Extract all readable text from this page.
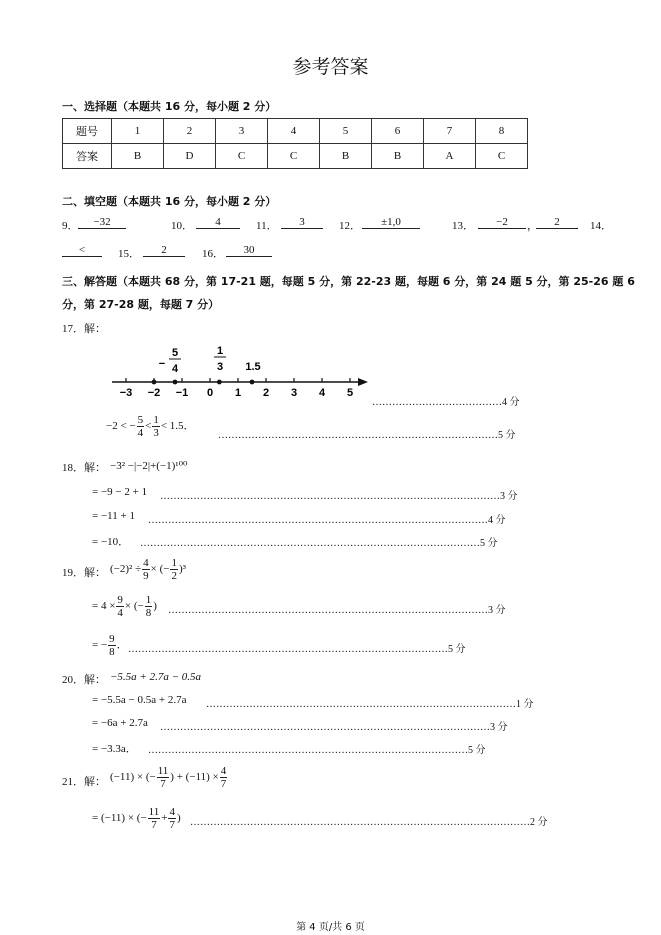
参考答案
一、选择题（本题共 16 分，每小题 2 分）
题号	1	2	3	4	5	6	7	8
答案	B	D	C	C	B	B	A	C
二、填空题（本题共 16 分，每小题 2 分）
9．	−32	10．	4	11．	3	12．	±1,0	13．	−2	，	2	14．
<	15．	2	16．	30
三、解答题（本题共 68 分，第 17-21 题，每题 5 分，第 22-23 题，每题 6 分，第 24 题 5 分，第 25-26 题 6
分，第 27-28 题，每题 7 分）
17．解：
−3 −2 −1 0 1 2 3 4 5
−
5
4
1
3 1.5
…………………………………4 分
−2 < − $\frac{5}{4} < \frac{1}{3} < 1.5$．
…………………………………………………………………………5 分
18．解： −3² −|−2|+(−1)¹⁰⁰
= −9 − 2 + 1 …………………………………………………………………………………………3 分
= −11 + 1 …………………………………………………………………………………………4 分
= −10． …………………………………………………………………………………………5 分
19．解： $(-2)^2 \div \frac{4}{9}$ × (− $\frac{1}{2} )^3$
= $4 \times \frac{9}{4}$ × (− $\frac{1}{8}$ ) ……………………………………………………………………………………3 分
= − $\frac{9}{8}$ ． ……………………………………………………………………………………5 分
20．解： −5.5a + 2.7a − 0.5a
= −5.5a − 0.5a + 2.7a …………………………………………………………………………………1 分
= −6a + 2.7a ………………………………………………………………………………………3 分
= −3.3a． ……………………………………………………………………………………5 分
21．解： (−11) × (− $\frac{11}{7}$ ) + $(-11) \times \frac{4}{7}$
= (−11) × (− $\frac{11}{7} + \frac{4}{7}$ ) …………………………………………………………………………………………2 分
第 4 页/共 6 页
